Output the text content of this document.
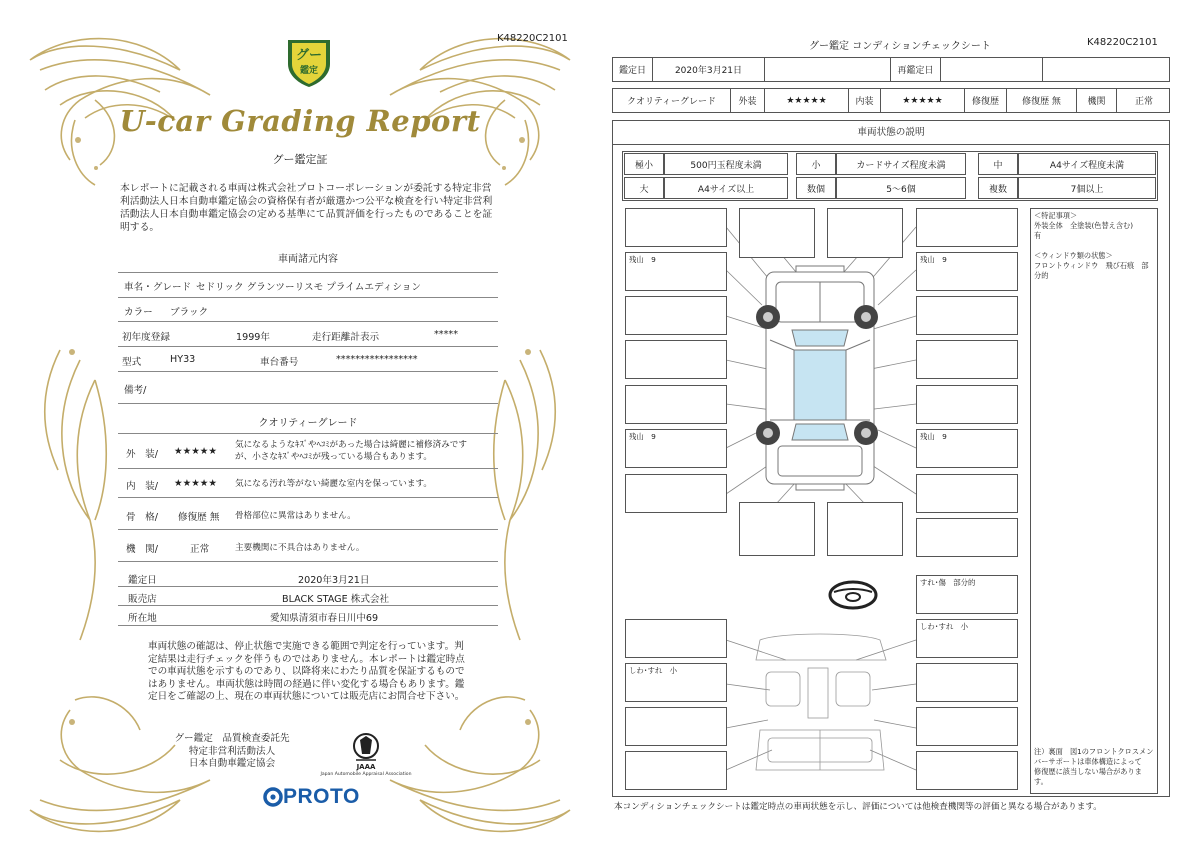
K48220C2101
グー
鑑定
U-car Grading Report
グー鑑定証
本レポートに記載される車両は株式会社プロトコーポレーションが委託する特定非営利活動法人日本自動車鑑定協会の資格保有者が厳選かつ公平な検査を行い特定非営利活動法人日本自動車鑑定協会の定める基準にて品質評価を行ったものであることを証明する。
車両諸元内容
車名・グレード セドリック グランツーリスモ プライムエディション
カラー ブラック
初年度登録	1999年	走行距離計表示	*****
型式	HY33	車台番号	*****************
備考/
クオリティーグレード
外　装/ ★★★★★
気になるようなｷｽﾞやﾍｺﾐがあった場合は綺麗に補修済みです
が、小さなｷｽﾞやﾍｺﾐが残っている場合もあります。
内　装/ ★★★★★ 気になる汚れ等がない綺麗な室内を保っています。
骨　格/ 修復歴 無 骨格部位に異常はありません。
機　関/	正常	主要機関に不具合はありません。
鑑定日	2020年3月21日
販売店	BLACK STAGE 株式会社
所在地	愛知県清須市春日川中69
車両状態の確認は、停止状態で実施できる範囲で判定を行っています。判定結果は走行チェックを伴うものではありません。本レポートは鑑定時点での車両状態を示すものであり、以降将来にわたり品質を保証するものではありません。車両状態は時間の経過に伴い変化する場合もあります。鑑定日をご確認の上、現在の車両状態については販売店にお問合せ下さい。
グー鑑定　品質検査委託先
特定非営利活動法人
日本自動車鑑定協会	JAAA
Japan Automobile Appraisal Association
PROTO
グー鑑定 コンディションチェックシート	K48220C2101
鑑定日	2020年3月21日	再鑑定日
クオリティーグレード	外装	★★★★★	内装	★★★★★	修復歴	修復歴 無	機関	正常
車両状態の説明
極小	500円玉程度未満	小	カードサイズ程度未満	中	A4サイズ程度未満
大	A4サイズ以上	数個	5〜6個	複数	7個以上
残山　9
残山　9
残山　9
残山　9
すれ･傷　部分的
しわ･すれ　小
しわ･すれ　小
＜特記事項＞
外装全体　全塗装(色替え含む)
有
＜ウィンドウ類の状態＞
フロントウィンドウ　飛び石痕　部
分的
注）裏面　図1のフロントクロスメン
バーサポートは車体構造によって
修復歴に該当しない場合がありま
す。
本コンディションチェックシートは鑑定時点の車両状態を示し、評価については他検査機関等の評価と異なる場合があります。
